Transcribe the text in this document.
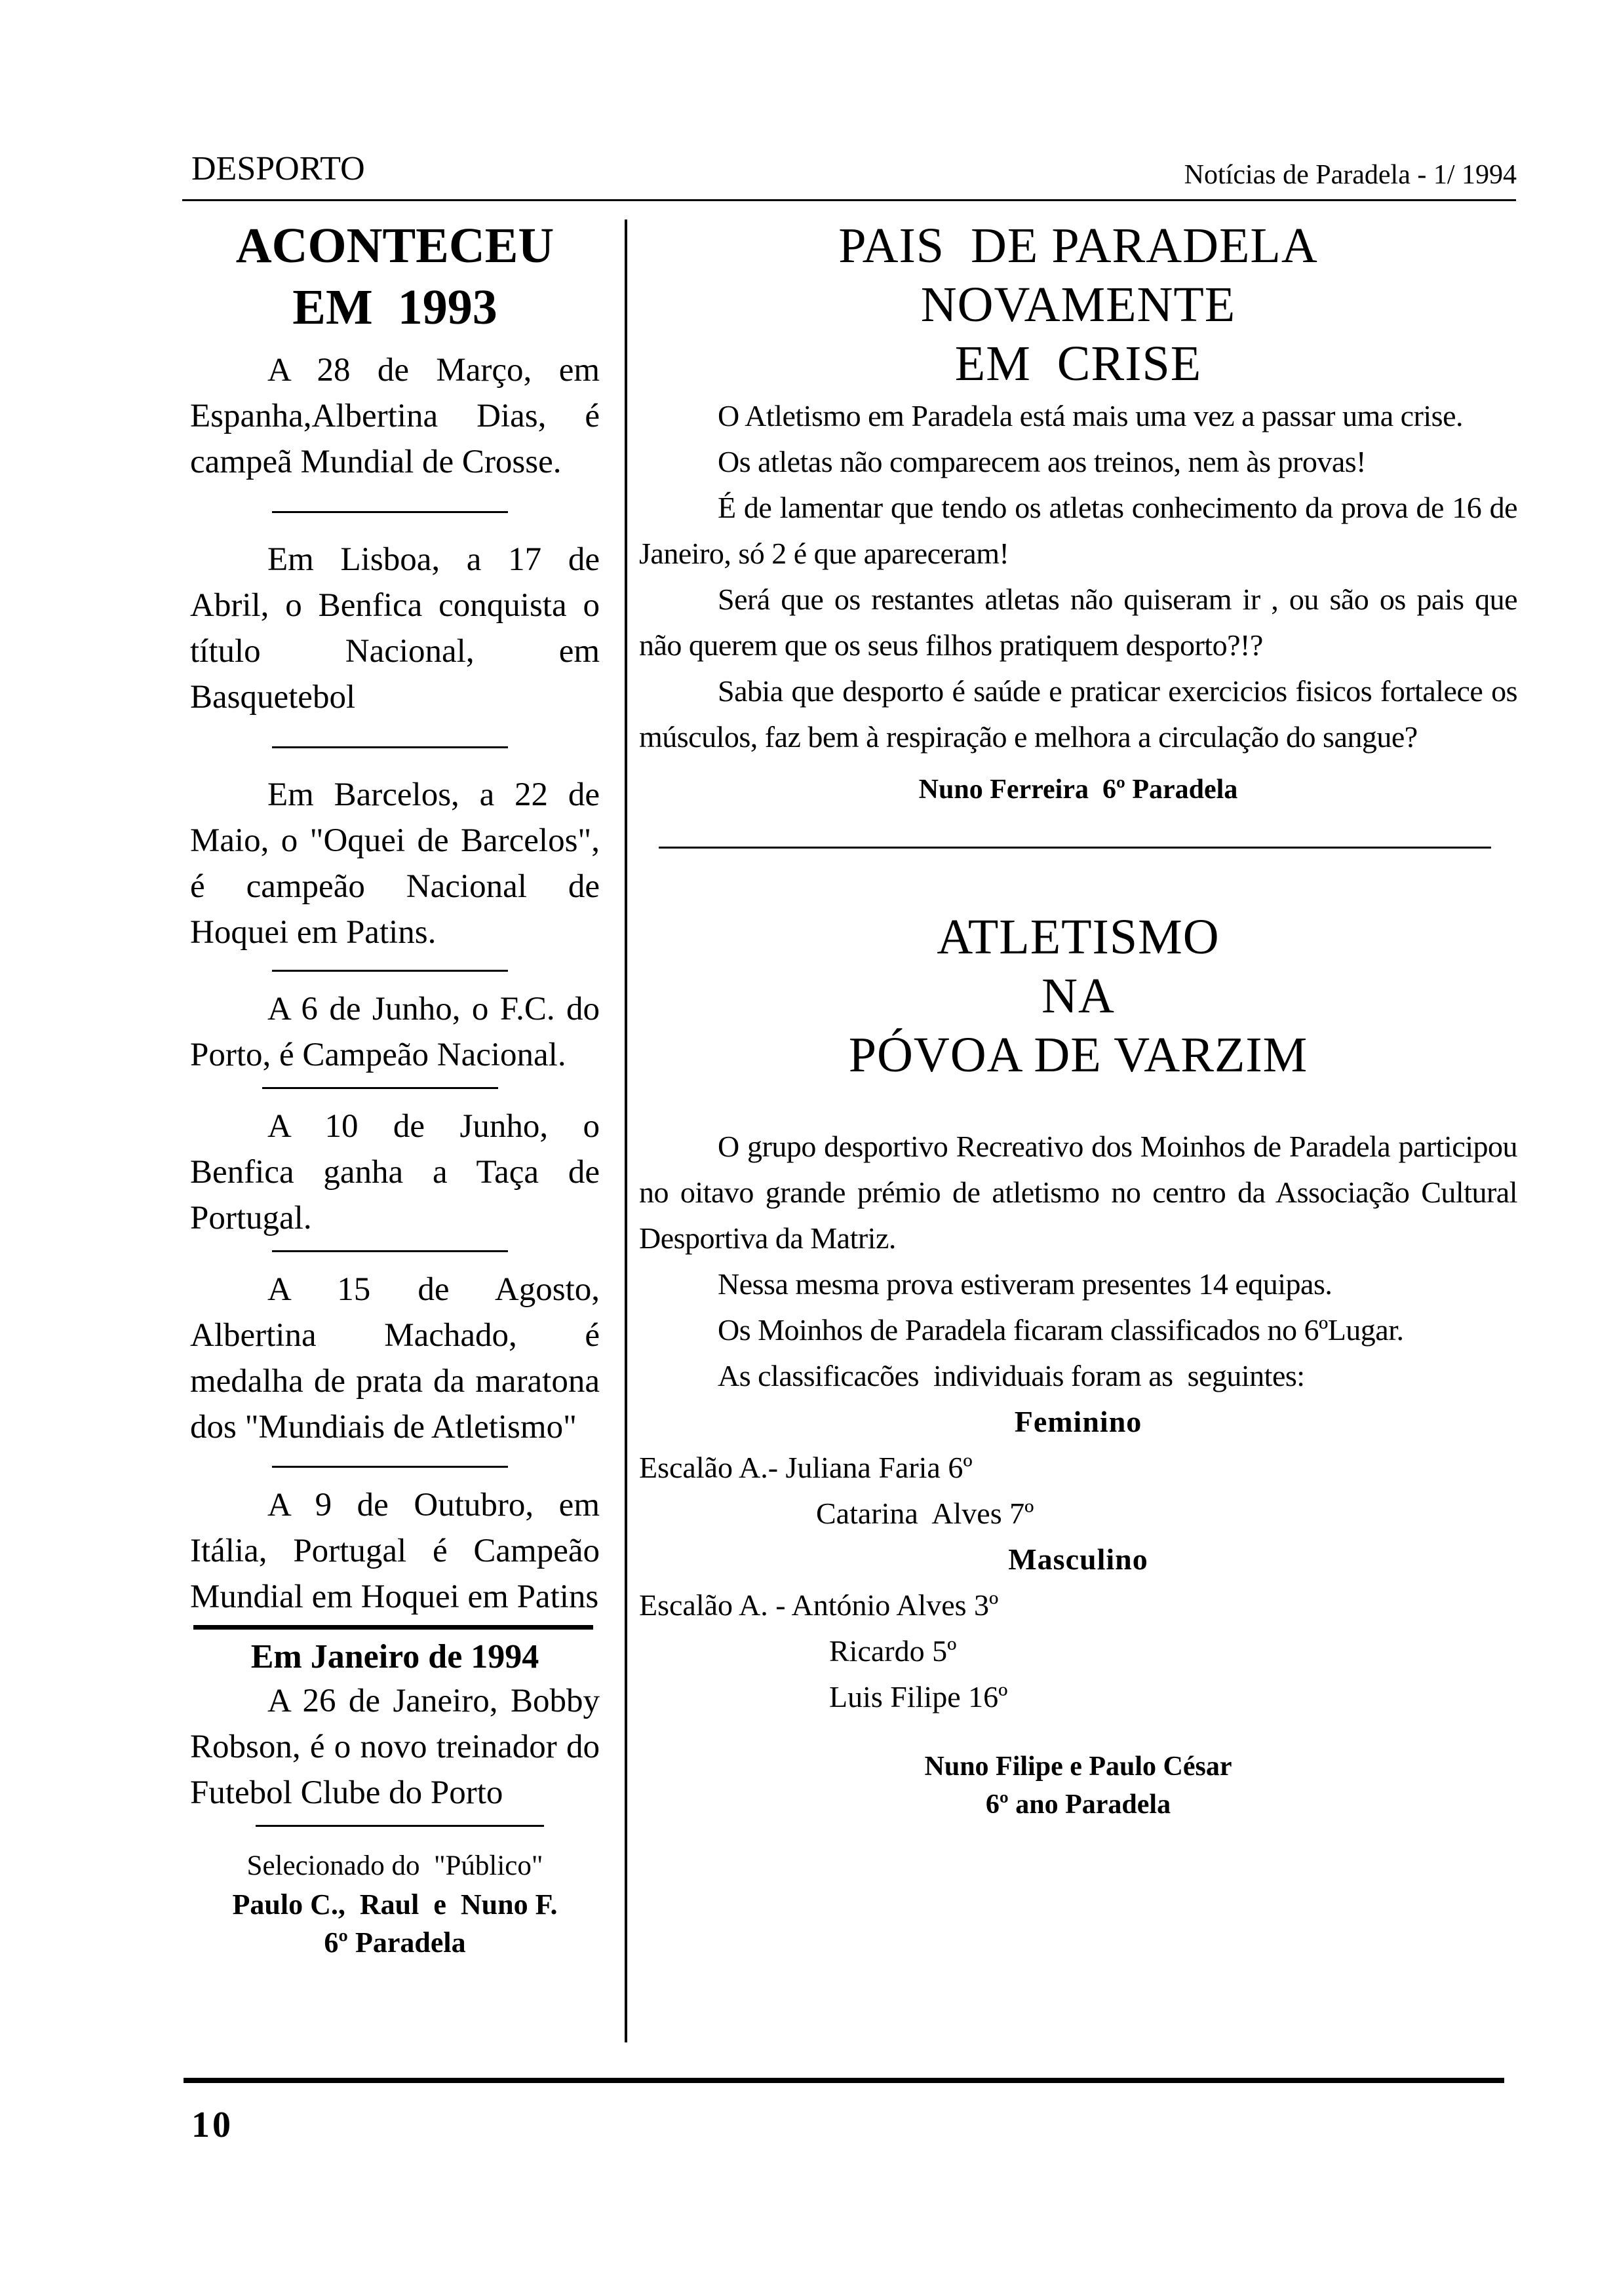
DESPORTO	Notícias de Paradela - 1/ 1994

ACONTECEU

EM  1993

A 28 de Março, em Espanha,Albertina Dias, é campeã Mundial de Crosse.

Em Lisboa, a 17 de Abril, o Benfica conquista o título Nacional, em Basquetebol

Em Barcelos, a 22 de Maio, o "Oquei de Barcelos", é campeão Nacional de Hoquei em Patins.

A 6 de Junho, o F.C. do Porto, é Campeão Nacional.

A 10 de Junho, o Benfica ganha a Taça de Portugal.

A 15 de Agosto, Albertina Machado, é medalha de prata da maratona dos "Mundiais de Atletismo"

A 9 de Outubro, em Itália, Portugal é Campeão Mundial em Hoquei em Patins

Em Janeiro de 1994

A 26 de Janeiro, Bobby Robson, é o novo treinador do Futebol Clube do Porto

Selecionado do  "Público"

Paulo C.,  Raul  e  Nuno F.

6º Paradela

PAIS  DE PARADELA

NOVAMENTE

EM  CRISE

O Atletismo em Paradela está mais uma vez a passar uma crise.

Os atletas não comparecem aos treinos, nem às provas!

É de lamentar que tendo os atletas conhecimento da prova de 16 de Janeiro, só 2 é que apareceram!

Será que os restantes atletas não quiseram ir , ou são os pais que não querem que os seus filhos pratiquem desporto?!?

Sabia que desporto é saúde e praticar exercicios fisicos fortalece os músculos, faz bem à respiração e melhora a circulação do sangue?

Nuno Ferreira  6º Paradela

ATLETISMO

NA

PÓVOA DE VARZIM

O grupo desportivo Recreativo dos Moinhos de Paradela participou no oitavo grande prémio de atletismo no centro da Associação Cultural Desportiva da Matriz.

Nessa mesma prova estiveram presentes 14 equipas.

Os Moinhos de Paradela ficaram classificados no 6ºLugar.

As classificacões  individuais foram as  seguintes:

Feminino

Escalão A.- Juliana Faria 6º

Catarina  Alves 7º

Masculino

Escalão A. - António Alves 3º

Ricardo 5º

Luis Filipe 16º

Nuno Filipe e Paulo César

6º ano Paradela

10
